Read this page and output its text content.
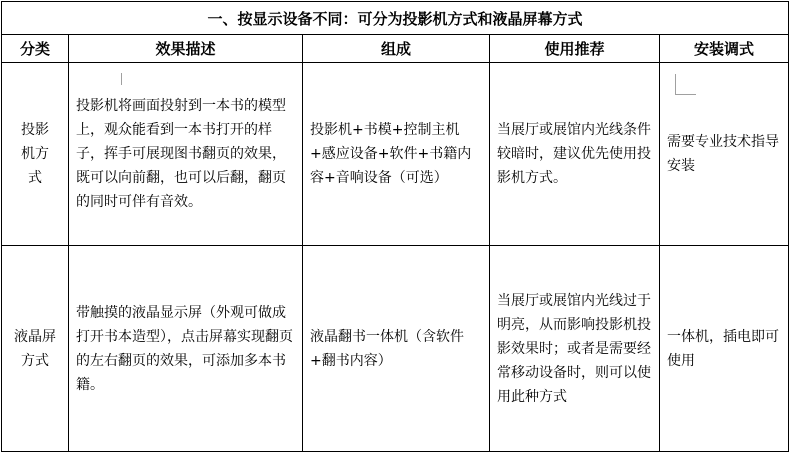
一、按显示设备不同：可分为投影机方式和液晶屏幕方式				
分类	效果描述	组成	使用推荐	安装调式

投影机方式	投影机将画面投射到一本书的模型上，观众能看到一本书打开的样子，挥手可展现图书翻页的效果，既可以向前翻，也可以后翻，翻页的同时可伴有音效。	投影机+书模+控制主机+感应设备+软件+书籍内容+音响设备（可选）	当展厅或展馆内光线条件较暗时，建议优先使用投影机方式。	需要专业技术指导安装

液晶屏方式	带触摸的液晶显示屏（外观可做成打开书本造型），点击屏幕实现翻页的左右翻页的效果，可添加多本书籍。	液晶翻书一体机（含软件+翻书内容）	当展厅或展馆内光线过于明亮，从而影响投影机投影效果时；或者是需要经常移动设备时，则可以使用此种方式	一体机，插电即可使用
